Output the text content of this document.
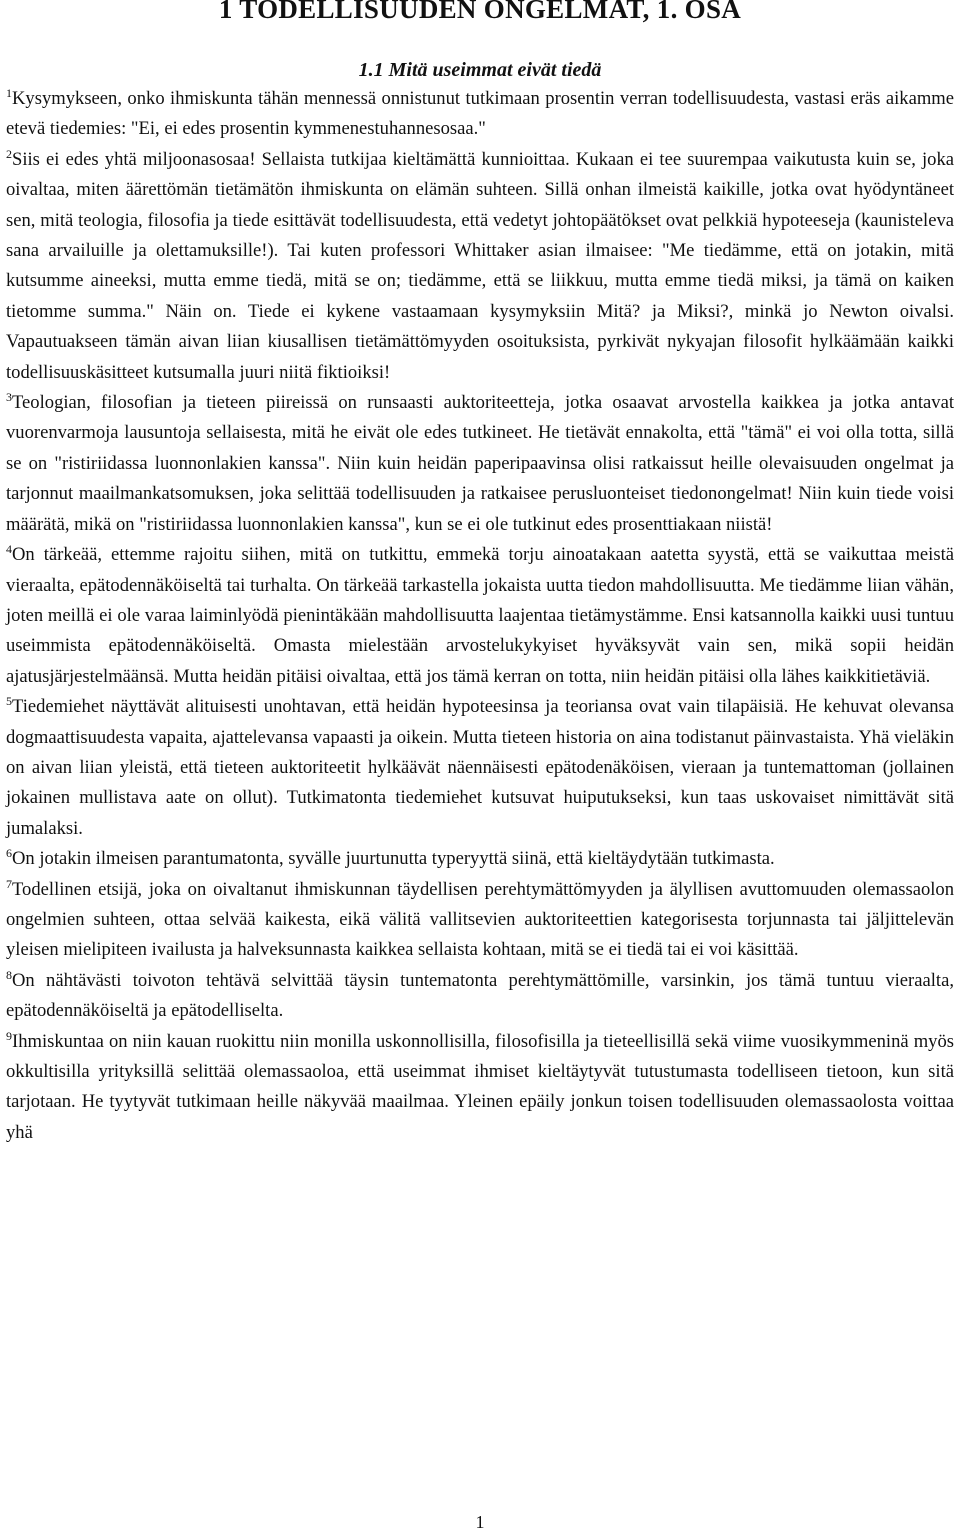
1 TODELLISUUDEN ONGELMAT, 1. OSA
1.1 Mitä useimmat eivät tiedä

$^1$Kysymykseen, onko ihmiskunta tähän mennessä onnistunut tutkimaan prosentin verran todellisuudesta, vastasi eräs aikamme etevä tiedemies: "Ei, ei edes prosentin kymmenestuhannesosaa."

$^2$Siis ei edes yhtä miljoonasosaa! Sellaista tutkijaa kieltämättä kunnioittaa. Kukaan ei tee suurempaa vaikutusta kuin se, joka oivaltaa, miten äärettömän tietämätön ihmiskunta on elämän suhteen. Sillä onhan ilmeistä kaikille, jotka ovat hyödyntäneet sen, mitä teologia, filosofia ja tiede esittävät todellisuudesta, että vedetyt johtopäätökset ovat pelkkiä hypoteeseja (kaunisteleva sana arvailuille ja olettamuksille!). Tai kuten professori Whittaker asian ilmaisee: "Me tiedämme, että on jotakin, mitä kutsumme aineeksi, mutta emme tiedä, mitä se on; tiedämme, että se liikkuu, mutta emme tiedä miksi, ja tämä on kaiken tietomme summa." Näin on. Tiede ei kykene vastaamaan kysymyksiin Mitä? ja Miksi?, minkä jo Newton oivalsi. Vapautuakseen tämän aivan liian kiusallisen tietämättömyyden osoituksista, pyrkivät nykyajan filosofit hylkäämään kaikki todellisuuskäsitteet kutsumalla juuri niitä fiktioiksi!

$^3$Teologian, filosofian ja tieteen piireissä on runsaasti auktoriteetteja, jotka osaavat arvostella kaikkea ja jotka antavat vuorenvarmoja lausuntoja sellaisesta, mitä he eivät ole edes tutkineet. He tietävät ennakolta, että "tämä" ei voi olla totta, sillä se on "ristiriidassa luonnonlakien kanssa". Niin kuin heidän paperipaavinsa olisi ratkaissut heille olevaisuuden ongelmat ja tarjonnut maailmankatsomuksen, joka selittää todellisuuden ja ratkaisee perusluonteiset tiedonongelmat! Niin kuin tiede voisi määrätä, mikä on "ristiriidassa luonnonlakien kanssa", kun se ei ole tutkinut edes prosenttiakaan niistä!

$^4$On tärkeää, ettemme rajoitu siihen, mitä on tutkittu, emmekä torju ainoatakaan aatetta syystä, että se vaikuttaa meistä vieraalta, epätodennäköiseltä tai turhalta. On tärkeää tarkastella jokaista uutta tiedon mahdollisuutta. Me tiedämme liian vähän, joten meillä ei ole varaa laiminlyödä pienintäkään mahdollisuutta laajentaa tietämystämme. Ensi katsannolla kaikki uusi tuntuu useimmista epätodennäköiseltä. Omasta mielestään arvostelukykyiset hyväksyvät vain sen, mikä sopii heidän ajatusjärjestelmäänsä. Mutta heidän pitäisi oivaltaa, että jos tämä kerran on totta, niin heidän pitäisi olla lähes kaikkitietäviä.

$^5$Tiedemiehet näyttävät alituisesti unohtavan, että heidän hypoteesinsa ja teoriansa ovat vain tilapäisiä. He kehuvat olevansa dogmaattisuudesta vapaita, ajattelevansa vapaasti ja oikein. Mutta tieteen historia on aina todistanut päinvastaista. Yhä vieläkin on aivan liian yleistä, että tieteen auktoriteetit hylkäävät näennäisesti epätodenäköisen, vieraan ja tuntemattoman (jollainen jokainen mullistava aate on ollut). Tutkimatonta tiedemiehet kutsuvat huiputukseksi, kun taas uskovaiset nimittävät sitä jumalaksi.

$^6$On jotakin ilmeisen parantumatonta, syvälle juurtunutta typeryyttä siinä, että kieltäydytään tutkimasta.

$^7$Todellinen etsijä, joka on oivaltanut ihmiskunnan täydellisen perehtymättömyyden ja älyllisen avuttomuuden olemassaolon ongelmien suhteen, ottaa selvää kaikesta, eikä välitä vallitsevien auktoriteettien kategorisesta torjunnasta tai jäljittelevän yleisen mielipiteen ivailusta ja halveksunnasta kaikkea sellaista kohtaan, mitä se ei tiedä tai ei voi käsittää.

$^8$On nähtävästi toivoton tehtävä selvittää täysin tuntematonta perehtymättömille, varsinkin, jos tämä tuntuu vieraalta, epätodennäköiseltä ja epätodelliselta.

$^9$Ihmiskuntaa on niin kauan ruokittu niin monilla uskonnollisilla, filosofisilla ja tieteellisillä sekä viime vuosikymmeninä myös okkultisilla yrityksillä selittää olemassaoloa, että useimmat ihmiset kieltäytyvät tutustumasta todelliseen tietoon, kun sitä tarjotaan. He tyytyvät tutkimaan heille näkyvää maailmaa. Yleinen epäily jonkun toisen todellisuuden olemassaolosta voittaa yhä

1
